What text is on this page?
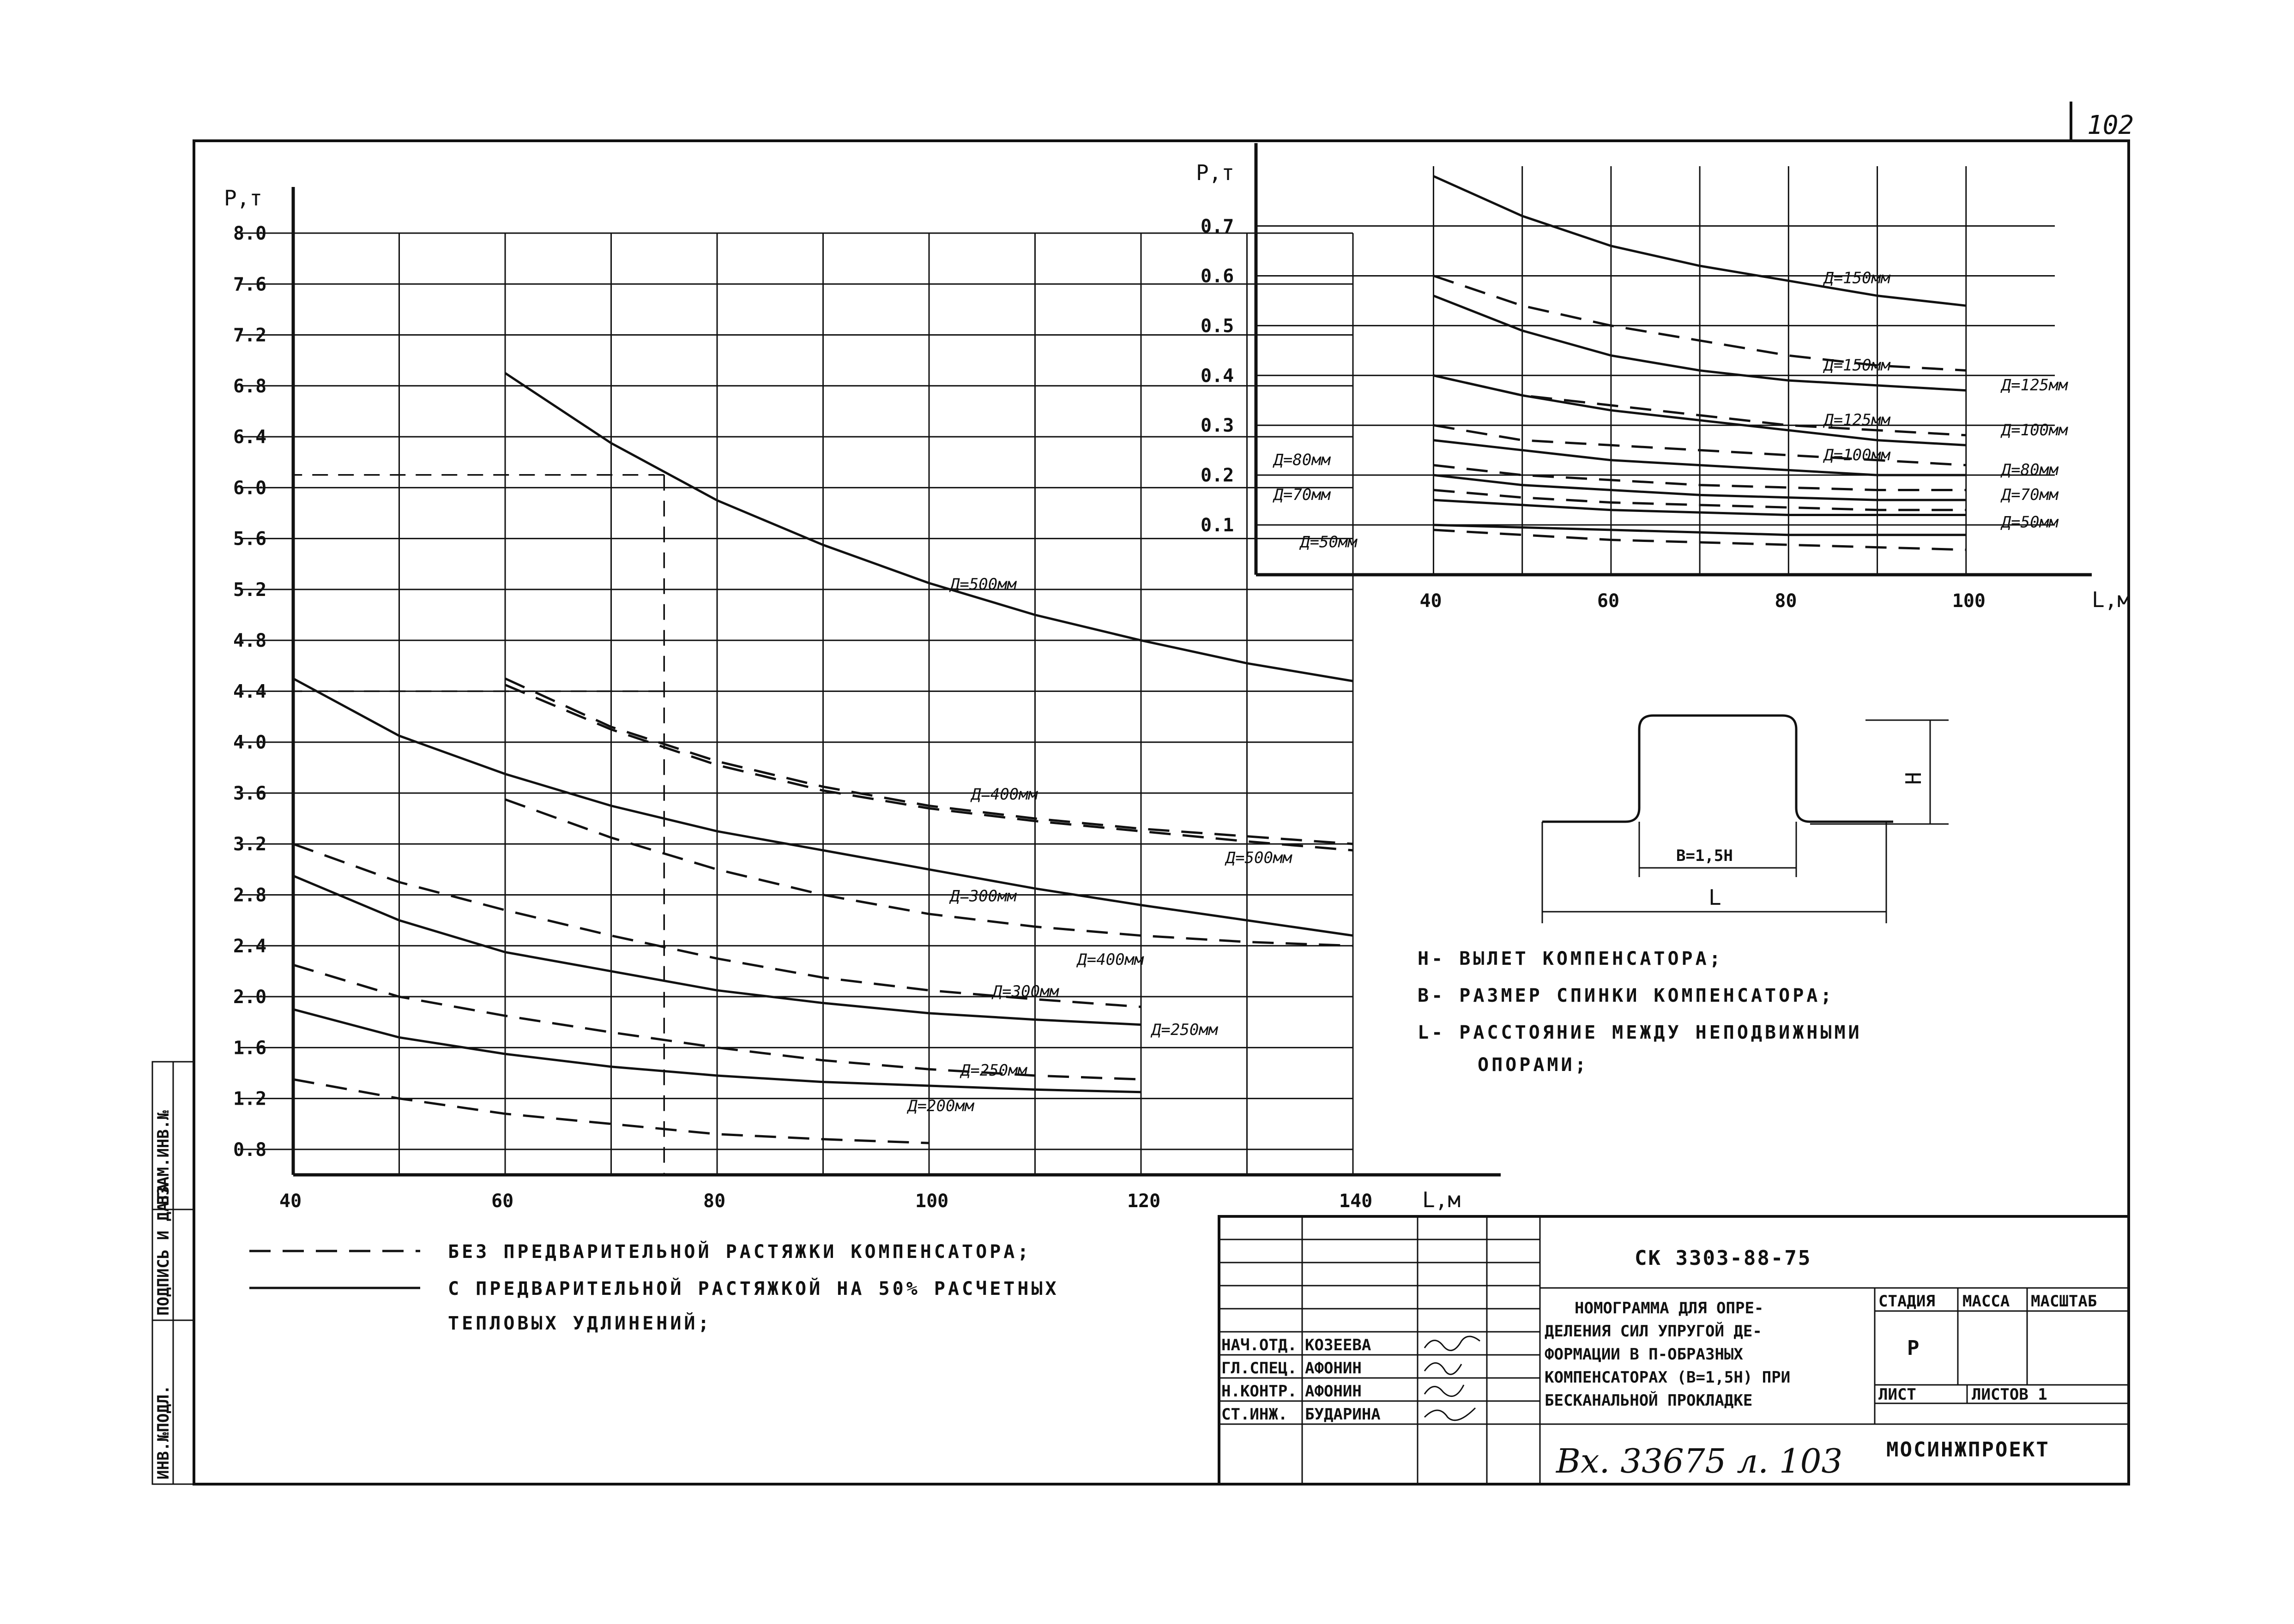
102
ИНВ.№ПОДЛ.
ПОДПИСЬ И ДАТА
ВЗАМ.ИНВ.№	0.8
1.2
1.6
2.0
2.4
2.8
3.2
3.6
4.0
4.4
4.8
5.2
5.6
6.0
6.4
6.8
7.2
7.6
8.0
40	60	80	100	120	140
Д=500мм
Д=400мм
Д=500мм
Д=300мм
Д=400мм
Д=300мм
Д=250мм
Д=250мм
Д=200мм
P,т
L,м
0.1
0.2
0.3
0.4
0.5
0.6
0.7
40	60	80	100
Д=150мм
Д=150мм
Д=125мм
Д=125мм
Д=100мм
Д=100мм
Д=80мм
Д=70мм
Д=50мм
Д=80мм
Д=70мм
Д=50мм
P,т
L,м
В=1,5Н
L
Н
Н- ВЫЛЕТ КОМПЕНСАТОРА;
В- РАЗМЕР СПИНКИ КОМПЕНСАТОРА;
L- РАССТОЯНИЕ МЕЖДУ НЕПОДВИЖНЫМИ
ОПОРАМИ;
БЕЗ ПРЕДВАРИТЕЛЬНОЙ РАСТЯЖКИ КОМПЕНСАТОРА;
С ПРЕДВАРИТЕЛЬНОЙ РАСТЯЖКОЙ НА 50% РАСЧЕТНЫХ
ТЕПЛОВЫХ УДЛИНЕНИЙ;
СК 3303-88-75
НОМОГРАММА ДЛЯ ОПРЕ-
ДЕЛЕНИЯ СИЛ УПРУГОЙ ДЕ-
ФОРМАЦИИ В П-ОБРАЗНЫХ
КОМПЕНСАТОРАХ (В=1,5Н) ПРИ
БЕСКАНАЛЬНОЙ ПРОКЛАДКЕ
Вх. 33675 л. 103
СТАДИЯ МАССА МАСШТАБ
Р
ЛИСТ	ЛИСТОВ 1
МОСИНЖПРОЕКТ
НАЧ.ОТД. КОЗЕЕВА
ГЛ.СПЕЦ. АФОНИН
Н.КОНТР. АФОНИН
СТ.ИНЖ. БУДАРИНА
